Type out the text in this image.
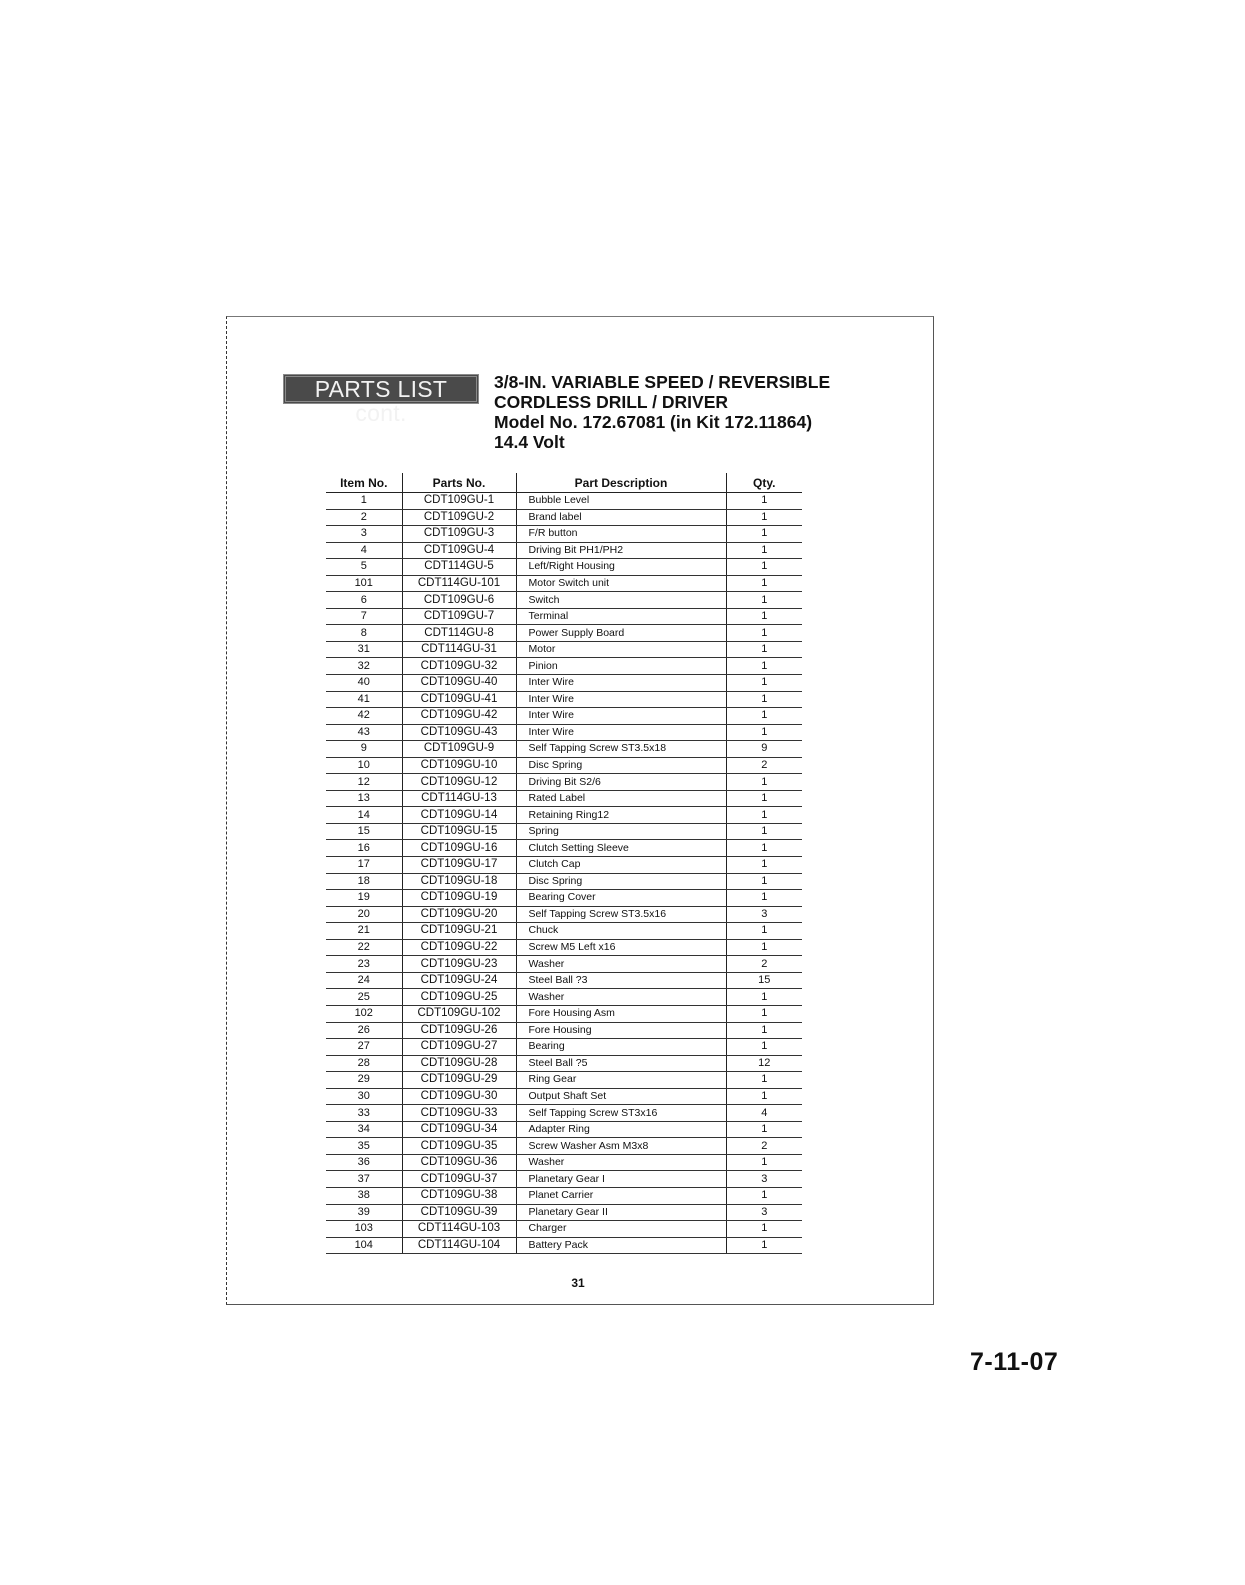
PARTS LIST cont.
3/8-IN. VARIABLE SPEED / REVERSIBLE
CORDLESS DRILL / DRIVER
Model No. 172.67081 (in Kit 172.11864)
14.4 Volt
Item No.	Parts No.	Part Description	Qty.
1	CDT109GU-1	Bubble Level	1
2	CDT109GU-2	Brand label	1
3	CDT109GU-3	F/R button	1
4	CDT109GU-4	Driving Bit PH1/PH2	1
5	CDT114GU-5	Left/Right Housing	1
101	CDT114GU-101	Motor Switch unit	1
6	CDT109GU-6	Switch	1
7	CDT109GU-7	Terminal	1
8	CDT114GU-8	Power Supply Board	1
31	CDT114GU-31	Motor	1
32	CDT109GU-32	Pinion	1
40	CDT109GU-40	Inter Wire	1
41	CDT109GU-41	Inter Wire	1
42	CDT109GU-42	Inter Wire	1
43	CDT109GU-43	Inter Wire	1
9	CDT109GU-9	Self Tapping Screw ST3.5x18	9
10	CDT109GU-10	Disc Spring	2
12	CDT109GU-12	Driving Bit S2/6	1
13	CDT114GU-13	Rated Label	1
14	CDT109GU-14	Retaining Ring12	1
15	CDT109GU-15	Spring	1
16	CDT109GU-16	Clutch Setting Sleeve	1
17	CDT109GU-17	Clutch Cap	1
18	CDT109GU-18	Disc Spring	1
19	CDT109GU-19	Bearing Cover	1
20	CDT109GU-20	Self Tapping Screw ST3.5x16	3
21	CDT109GU-21	Chuck	1
22	CDT109GU-22	Screw M5 Left x16	1
23	CDT109GU-23	Washer	2
24	CDT109GU-24	Steel Ball ?3	15
25	CDT109GU-25	Washer	1
102	CDT109GU-102	Fore Housing Asm	1
26	CDT109GU-26	Fore Housing	1
27	CDT109GU-27	Bearing	1
28	CDT109GU-28	Steel Ball ?5	12
29	CDT109GU-29	Ring Gear	1
30	CDT109GU-30	Output Shaft Set	1
33	CDT109GU-33	Self Tapping Screw ST3x16	4
34	CDT109GU-34	Adapter Ring	1
35	CDT109GU-35	Screw Washer Asm M3x8	2
36	CDT109GU-36	Washer	1
37	CDT109GU-37	Planetary Gear I	3
38	CDT109GU-38	Planet Carrier	1
39	CDT109GU-39	Planetary Gear II	3
103	CDT114GU-103	Charger	1
104	CDT114GU-104	Battery Pack	1
31
7-11-07
